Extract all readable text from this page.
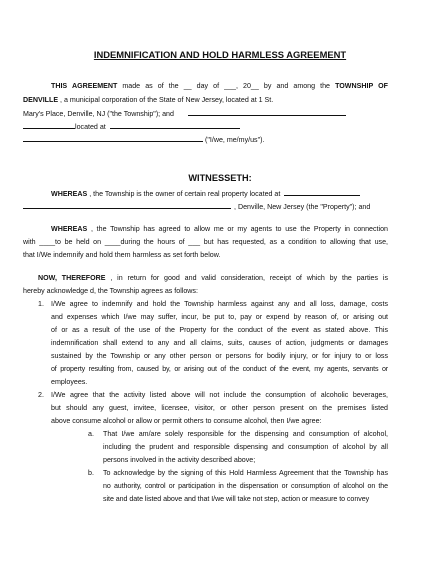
INDEMNIFICATION AND HOLD HARMLESS AGREEMENT
THIS AGREEMENT made as of the __ day of ___, 20__ by and among the TOWNSHIP OF
DENVILLE , a municipal corporation of the State of New Jersey, located at 1 St.
Mary's Place, Denville, NJ ("the Township"); and
located at
("I/we, me/my/us").
WITNESSETH:
WHEREAS , the Township is the owner of certain real property located at
, Denville, New Jersey (the "Property"); and
WHEREAS , the Township has agreed to allow me or my agents to use the Property in connection
with ____to be held on ____during the hours of ___ but has requested, as a condition to allowing that use,
that I/We indemnify and hold them harmless as set forth below.
NOW, THEREFORE , in return for good and valid consideration, receipt of which by the parties is
hereby acknowledge d, the Township agrees as follows:
1. I/We agree to indemnify and hold the Township harmless against any and all loss, damage, costs
and expenses which I/we may suffer, incur, be put to, pay or expend by reason of, or arising out
of or as a result of the use of the Property for the conduct of the event as stated above. This
indemnification shall extend to any and all claims, suits, causes of action, judgments or damages
sustained by the Township or any other person or persons for bodily injury, or for injury to or loss
of property resulting from, caused by, or arising out of the conduct of the event, my agents, servants or
employees.
2. I/We agree that the activity listed above will not include the consumption of alcoholic beverages,
but should any guest, invitee, licensee, visitor, or other person present on the premises listed
above consume alcohol or allow or permit others to consume alcohol, then I/we agree:
a. That I/we am/are solely responsible for the dispensing and consumption of alcohol,
including the prudent and responsible dispensing and consumption of alcohol by all
persons involved in the activity described above;
b. To acknowledge by the signing of this Hold Harmless Agreement that the Township has
no authority, control or participation in the dispensation or consumption of alcohol on the
site and date listed above and that I/we will take not step, action or measure to convey
